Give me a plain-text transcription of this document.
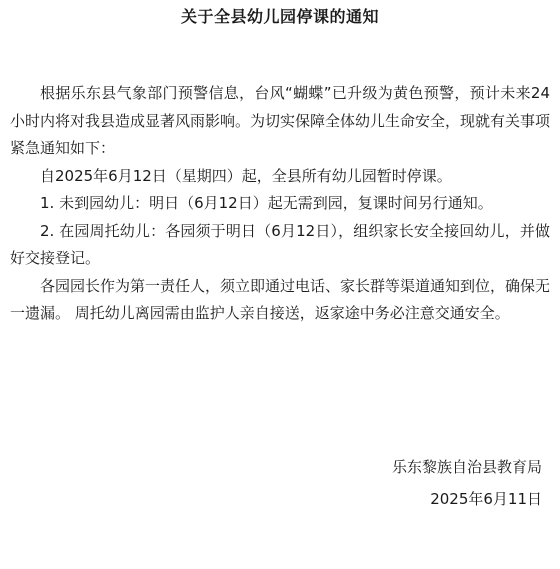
关于全县幼儿园停课的通知

根据乐东县气象部门预警信息，台风“蝴蝶”已升级为黄色预警，预计未来24小时内将对我县造成显著风雨影响。为切实保障全体幼儿生命安全，现就有关事项紧急通知如下：

自2025年6月12日（星期四）起，全县所有幼儿园暂时停课。

1. 未到园幼儿：明日（6月12日）起无需到园，复课时间另行通知。

2. 在园周托幼儿：各园须于明日（6月12日），组织家长安全接回幼儿，并做好交接登记。

各园园长作为第一责任人，须立即通过电话、家长群等渠道通知到位，确保无一遗漏。 周托幼儿离园需由监护人亲自接送，返家途中务必注意交通安全。

乐东黎族自治县教育局

2025年6月11日
